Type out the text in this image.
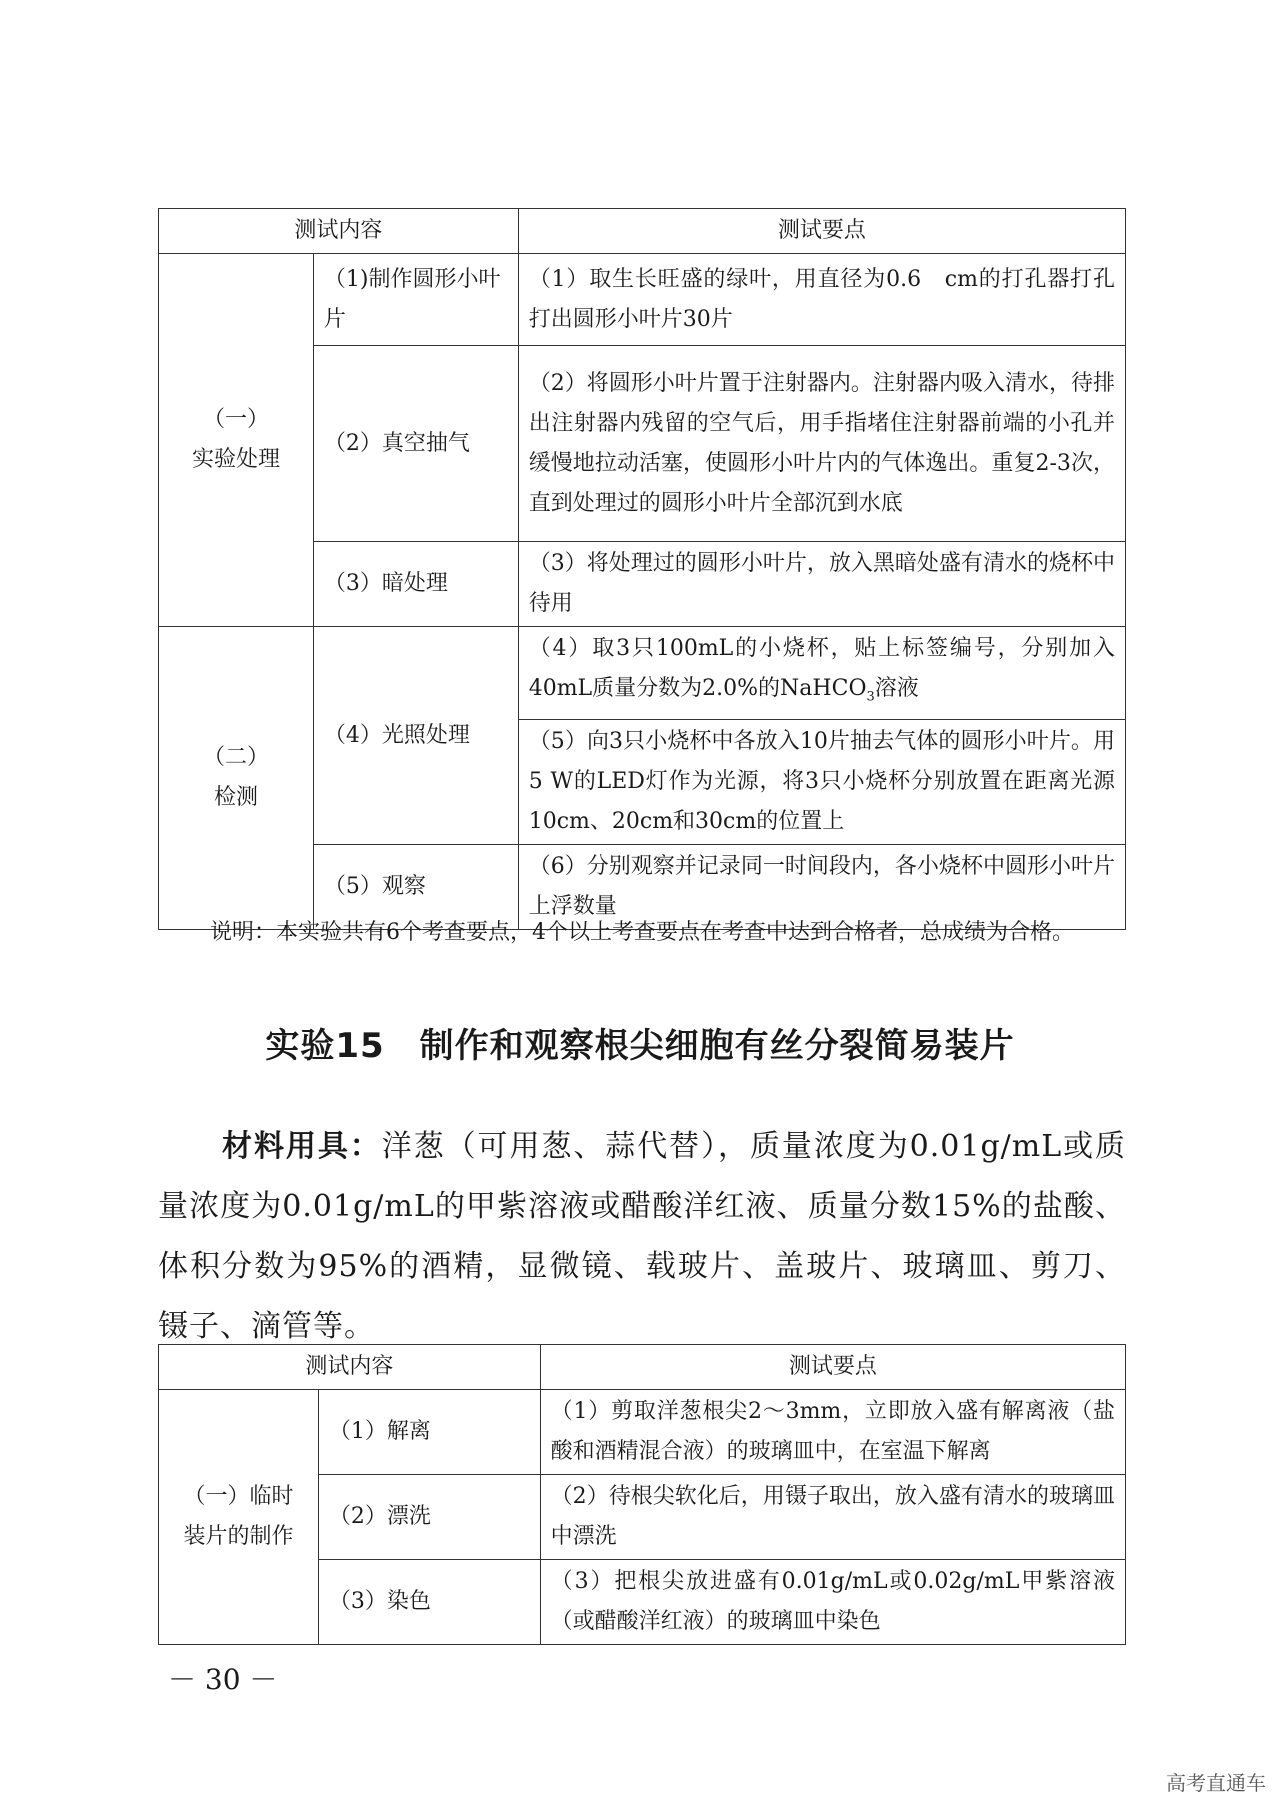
测试内容		测试要点

（一）
实验处理	（1)制作圆形小叶片	（1）取生长旺盛的绿叶，用直径为0.6　cm的打孔器打孔打出圆形小叶片30片
	（2）真空抽气	（2）将圆形小叶片置于注射器内。注射器内吸入清水，待排出注射器内残留的空气后，用手指堵住注射器前端的小孔并缓慢地拉动活塞，使圆形小叶片内的气体逸出。重复2-3次，直到处理过的圆形小叶片全部沉到水底
	（3）暗处理	（3）将处理过的圆形小叶片，放入黑暗处盛有清水的烧杯中待用

（二）
检测	（4）光照处理	（4）取3只100mL的小烧杯，贴上标签编号，分别加入40mL质量分数为2.0%的NaHCO$_3$溶液
		（5）向3只小烧杯中各放入10片抽去气体的圆形小叶片。用5 W的LED灯作为光源，将3只小烧杯分别放置在距离光源10cm、20cm和30cm的位置上
	（5）观察	（6）分别观察并记录同一时间段内，各小烧杯中圆形小叶片上浮数量

说明：本实验共有6个考查要点，4个以上考查要点在考查中达到合格者，总成绩为合格。

实验15　制作和观察根尖细胞有丝分裂简易装片

材料用具：洋葱（可用葱、蒜代替），质量浓度为0.01g/mL或质量浓度为0.01g/mL的甲紫溶液或醋酸洋红液、质量分数15%的盐酸、体积分数为95%的酒精，显微镜、载玻片、盖玻片、玻璃皿、剪刀、镊子、滴管等。

测试内容		测试要点

（一）临时
装片的制作	（1）解离	（1）剪取洋葱根尖2～3mm，立即放入盛有解离液（盐酸和酒精混合液）的玻璃皿中，在室温下解离
	（2）漂洗	（2）待根尖软化后，用镊子取出，放入盛有清水的玻璃皿中漂洗
	（3）染色	（3）把根尖放进盛有0.01g/mL或0.02g/mL甲紫溶液（或醋酸洋红液）的玻璃皿中染色

－ 30 －

高考直通车
